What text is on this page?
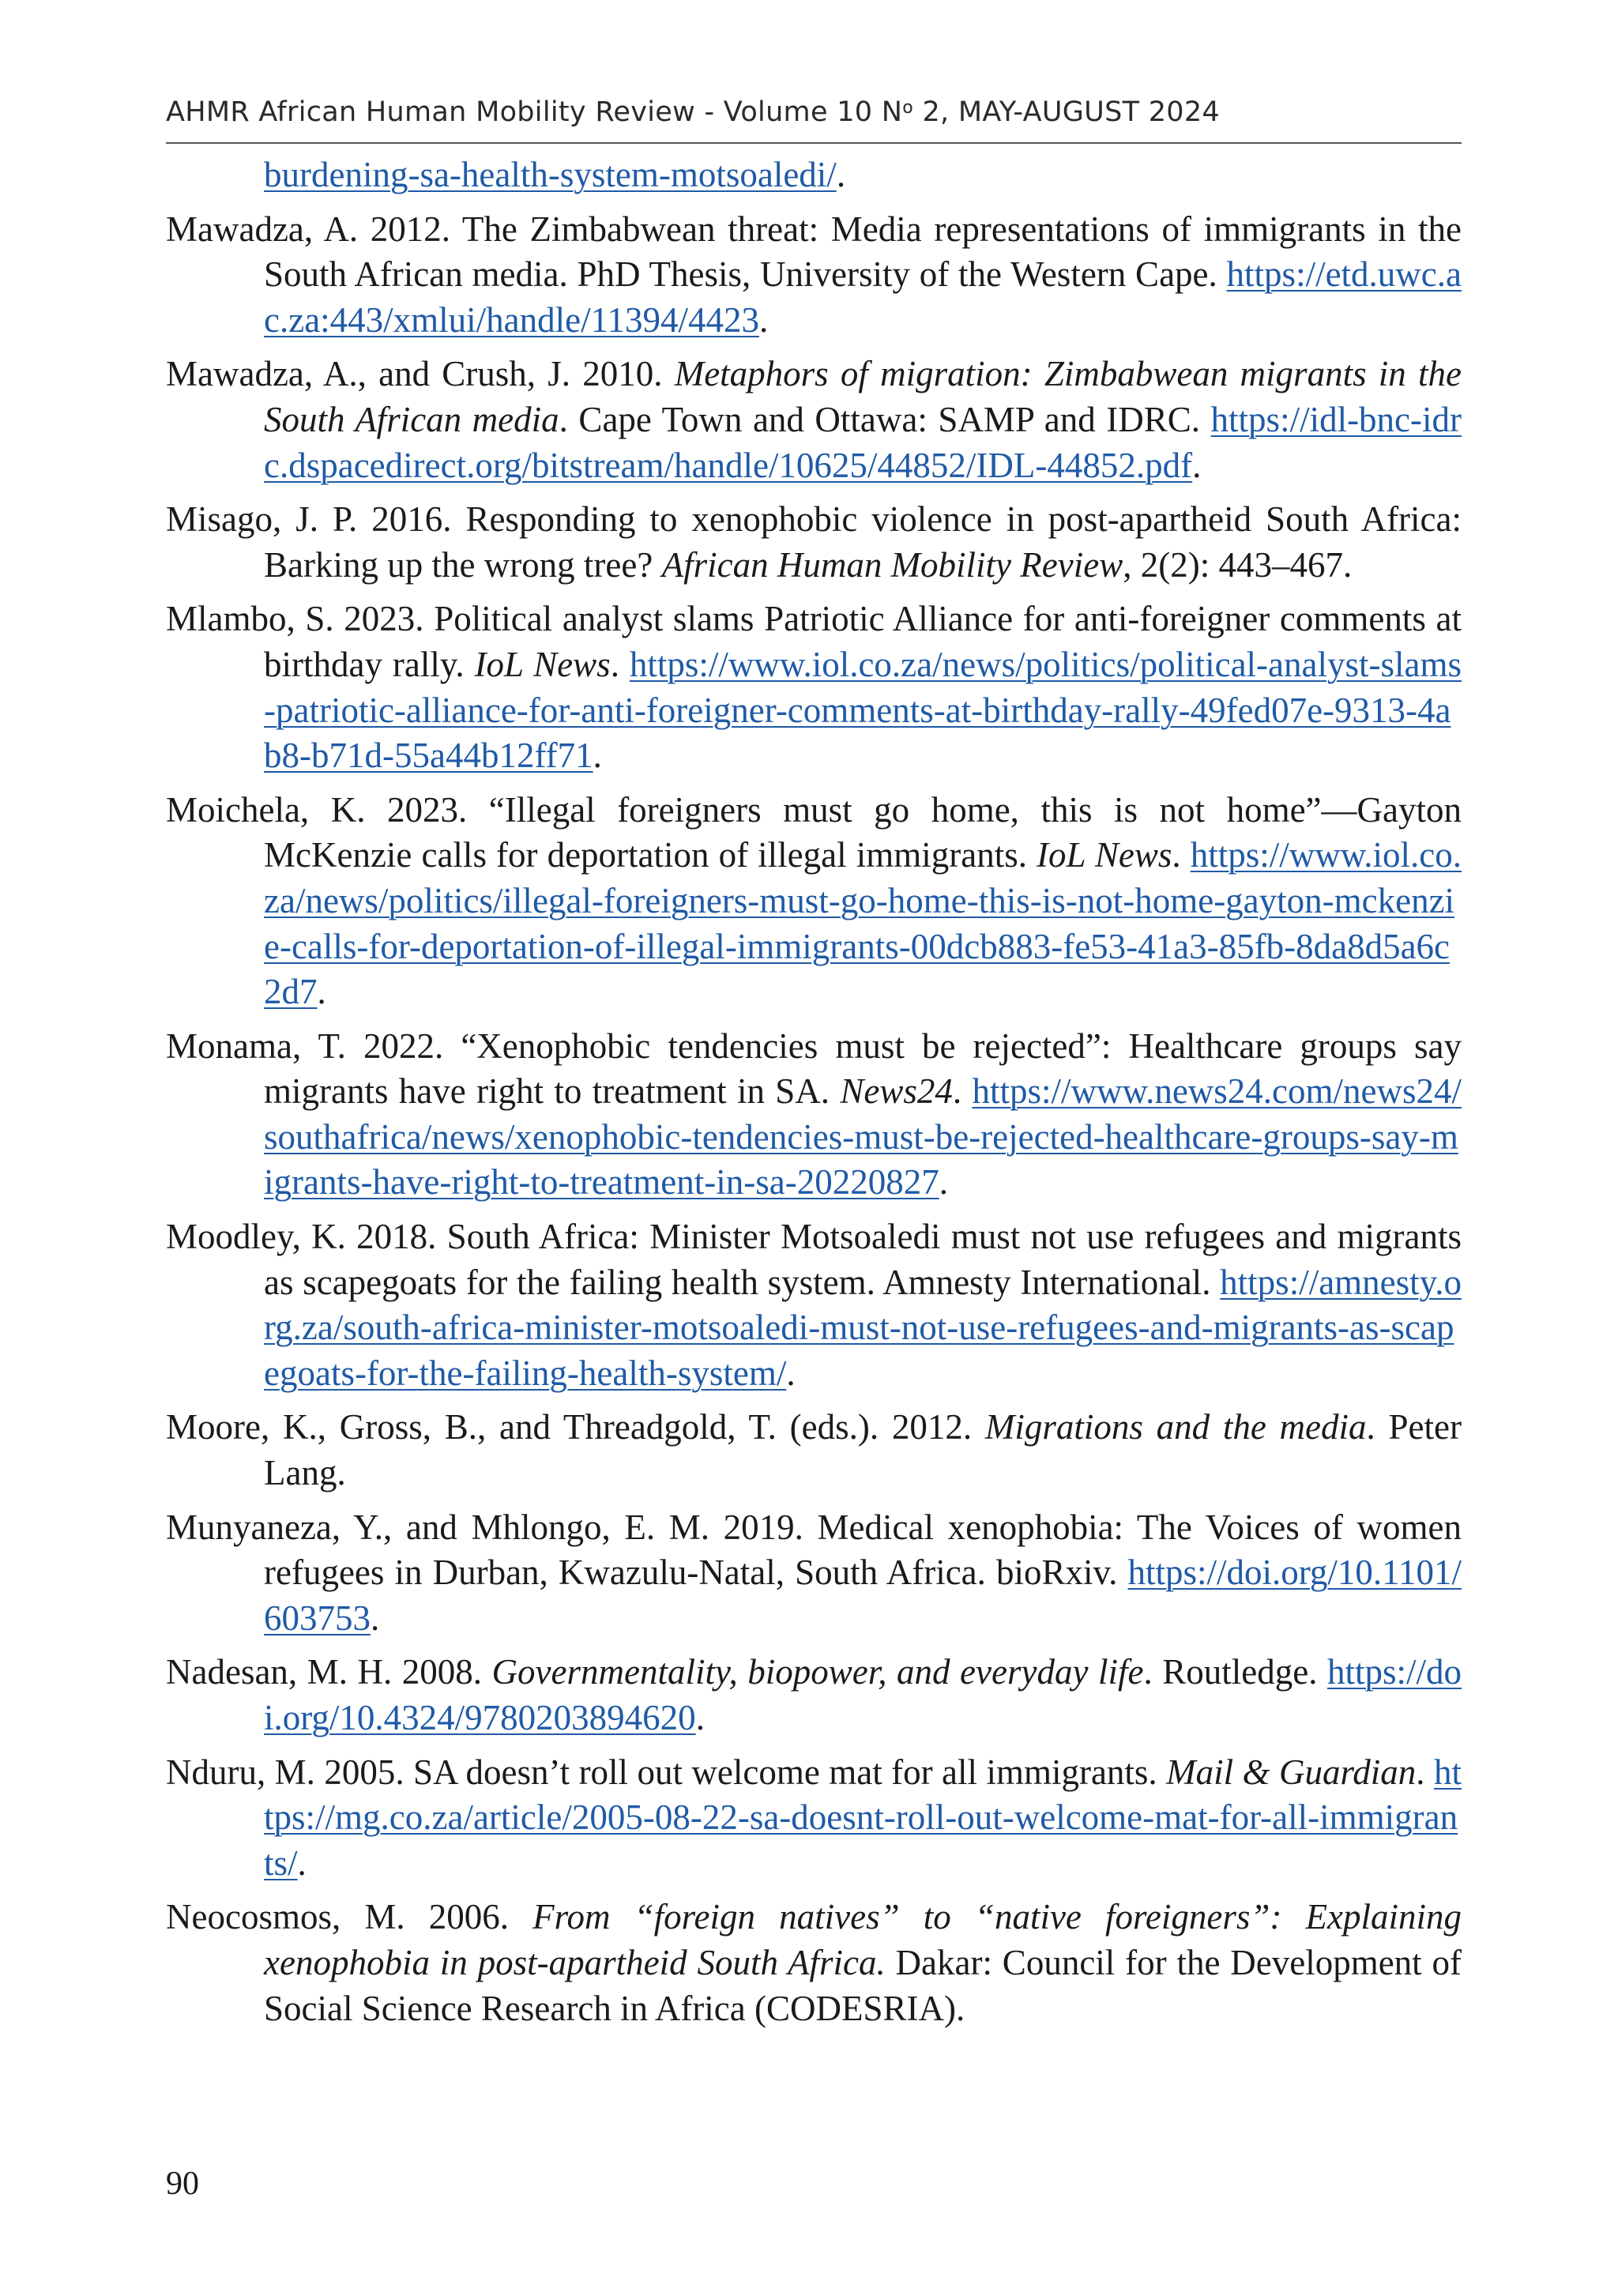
AHMR African Human Mobility Review - Volume 10 $N^o$ 2, MAY-AUGUST 2024
burdening-sa-health-system-motsoaledi/.
Mawadza, A. 2012. The Zimbabwean threat: Media representations of immigrants in the South African media. PhD Thesis, University of the Western Cape. https://etd.uwc.ac.za:443/xmlui/handle/11394/4423.
Mawadza, A., and Crush, J. 2010. Metaphors of migration: Zimbabwean migrants in the South African media. Cape Town and Ottawa: SAMP and IDRC. https://idl-bnc-idrc.dspacedirect.org/bitstream/handle/10625/44852/IDL-44852.pdf.
Misago, J. P. 2016. Responding to xenophobic violence in post-apartheid South Africa: Barking up the wrong tree? African Human Mobility Review, 2(2): 443–467.
Mlambo, S. 2023. Political analyst slams Patriotic Alliance for anti-foreigner comments at birthday rally. IoL News. https://www.iol.co.za/news/politics/political-analyst-slams-patriotic-alliance-for-anti-foreigner-comments-at-birthday-rally-49fed07e-9313-4ab8-b71d-55a44b12ff71.
Moichela, K. 2023. “Illegal foreigners must go home, this is not home”—Gayton McKenzie calls for deportation of illegal immigrants. IoL News. https://www.iol.co.za/news/politics/illegal-foreigners-must-go-home-this-is-not-home-gayton-mckenzie-calls-for-deportation-of-illegal-immigrants-00dcb883-fe53-41a3-85fb-8da8d5a6c2d7.
Monama, T. 2022. “Xenophobic tendencies must be rejected”: Healthcare groups say migrants have right to treatment in SA. News24. https://www.news24.com/news24/southafrica/news/xenophobic-tendencies-must-be-rejected-healthcare-groups-say-migrants-have-right-to-treatment-in-sa-20220827.
Moodley, K. 2018. South Africa: Minister Motsoaledi must not use refugees and migrants as scapegoats for the failing health system. Amnesty International. https://amnesty.org.za/south-africa-minister-motsoaledi-must-not-use-refugees-and-migrants-as-scapegoats-for-the-failing-health-system/.
Moore, K., Gross, B., and Threadgold, T. (eds.). 2012. Migrations and the media. Peter Lang.
Munyaneza, Y., and Mhlongo, E. M. 2019. Medical xenophobia: The Voices of women refugees in Durban, Kwazulu-Natal, South Africa. bioRxiv. https://doi.org/10.1101/603753.
Nadesan, M. H. 2008. Governmentality, biopower, and everyday life. Routledge. https://doi.org/10.4324/9780203894620.
Nduru, M. 2005. SA doesn’t roll out welcome mat for all immigrants. Mail & Guardian. https://mg.co.za/article/2005-08-22-sa-doesnt-roll-out-welcome-mat-for-all-immigrants/.
Neocosmos, M. 2006. From “foreign natives” to “native foreigners”: Explaining xenophobia in post-apartheid South Africa. Dakar: Council for the Development of Social Science Research in Africa (CODESRIA).
90
